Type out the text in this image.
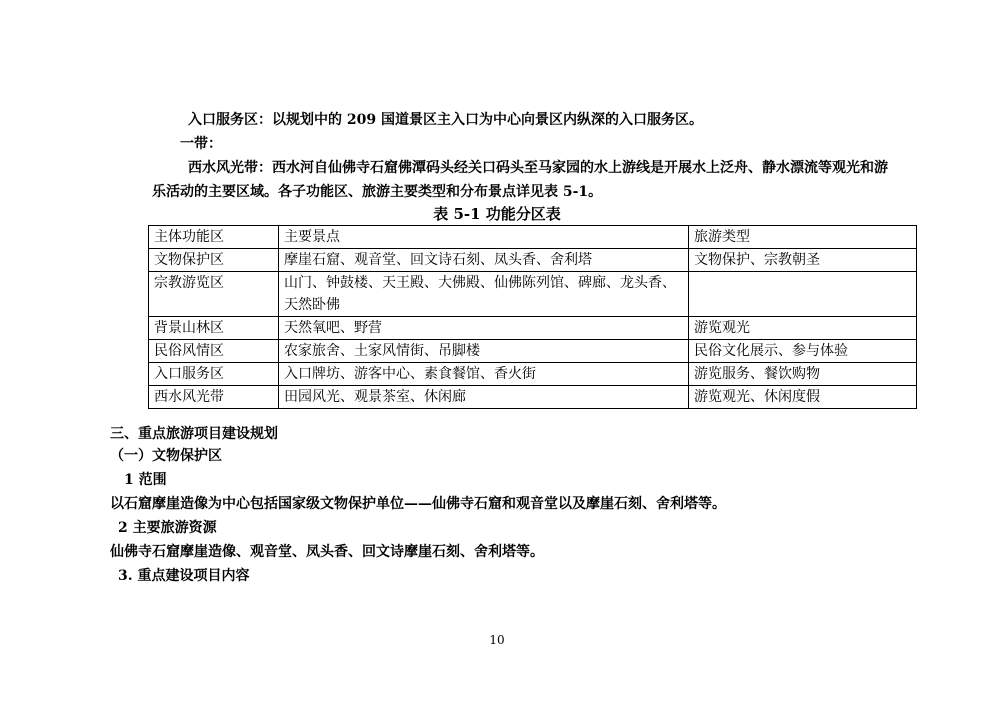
入口服务区：以规划中的 209 国道景区主入口为中心向景区内纵深的入口服务区。
一带：
西水风光带：西水河自仙佛寺石窟佛潭码头经关口码头至马家园的水上游线是开展水上泛舟、静水漂流等观光和游
乐活动的主要区域。各子功能区、旅游主要类型和分布景点详见表 5-1。
表 5-1 功能分区表
主体功能区	主要景点	旅游类型
文物保护区	摩崖石窟、观音堂、回文诗石刻、凤头香、舍利塔	文物保护、宗教朝圣
宗教游览区	山门、钟鼓楼、天王殿、大佛殿、仙佛陈列馆、碑廊、龙头香、
天然卧佛	
背景山林区	天然氧吧、野营	游览观光
民俗风情区	农家旅舍、土家风情街、吊脚楼	民俗文化展示、参与体验
入口服务区	入口牌坊、游客中心、素食餐馆、香火街	游览服务、餐饮购物
西水风光带	田园风光、观景茶室、休闲廊	游览观光、休闲度假
三、重点旅游项目建设规划
（一）文物保护区
1 范围
以石窟摩崖造像为中心包括国家级文物保护单位——仙佛寺石窟和观音堂以及摩崖石刻、舍利塔等。
2 主要旅游资源
仙佛寺石窟摩崖造像、观音堂、凤头香、回文诗摩崖石刻、舍利塔等。
3. 重点建设项目内容
10
